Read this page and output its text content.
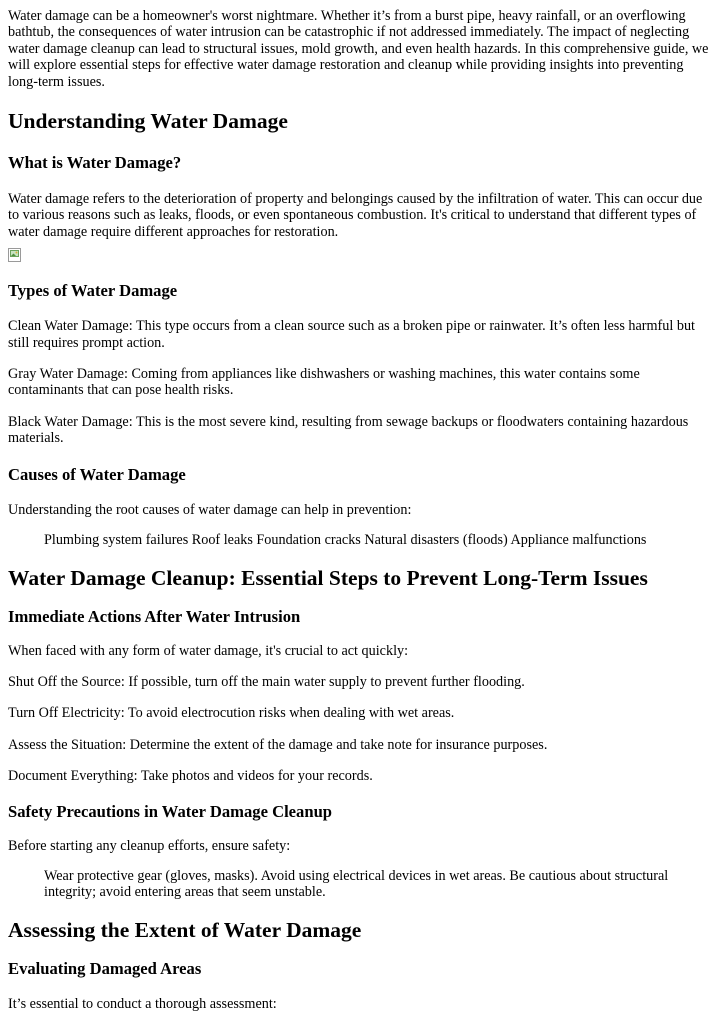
Water damage can be a homeowner's worst nightmare. Whether it’s from a burst pipe, heavy rainfall, or an overflowing bathtub, the consequences of water intrusion can be catastrophic if not addressed immediately. The impact of neglecting water damage cleanup can lead to structural issues, mold growth, and even health hazards. In this comprehensive guide, we will explore essential steps for effective water damage restoration and cleanup while providing insights into preventing long-term issues.

Understanding Water Damage
What is Water Damage?

Water damage refers to the deterioration of property and belongings caused by the infiltration of water. This can occur due to various reasons such as leaks, floods, or even spontaneous combustion. It's critical to understand that different types of water damage require different approaches for restoration.

Types of Water Damage

Clean Water Damage: This type occurs from a clean source such as a broken pipe or rainwater. It’s often less harmful but still requires prompt action.

Gray Water Damage: Coming from appliances like dishwashers or washing machines, this water contains some contaminants that can pose health risks.

Black Water Damage: This is the most severe kind, resulting from sewage backups or floodwaters containing hazardous materials.

Causes of Water Damage

Understanding the root causes of water damage can help in prevention:

Plumbing system failures Roof leaks Foundation cracks Natural disasters (floods) Appliance malfunctions

Water Damage Cleanup: Essential Steps to Prevent Long-Term Issues
Immediate Actions After Water Intrusion

When faced with any form of water damage, it's crucial to act quickly:

Shut Off the Source: If possible, turn off the main water supply to prevent further flooding.

Turn Off Electricity: To avoid electrocution risks when dealing with wet areas.

Assess the Situation: Determine the extent of the damage and take note for insurance purposes.

Document Everything: Take photos and videos for your records.

Safety Precautions in Water Damage Cleanup

Before starting any cleanup efforts, ensure safety:

Wear protective gear (gloves, masks). Avoid using electrical devices in wet areas. Be cautious about structural integrity; avoid entering areas that seem unstable.

Assessing the Extent of Water Damage
Evaluating Damaged Areas

It’s essential to conduct a thorough assessment:
